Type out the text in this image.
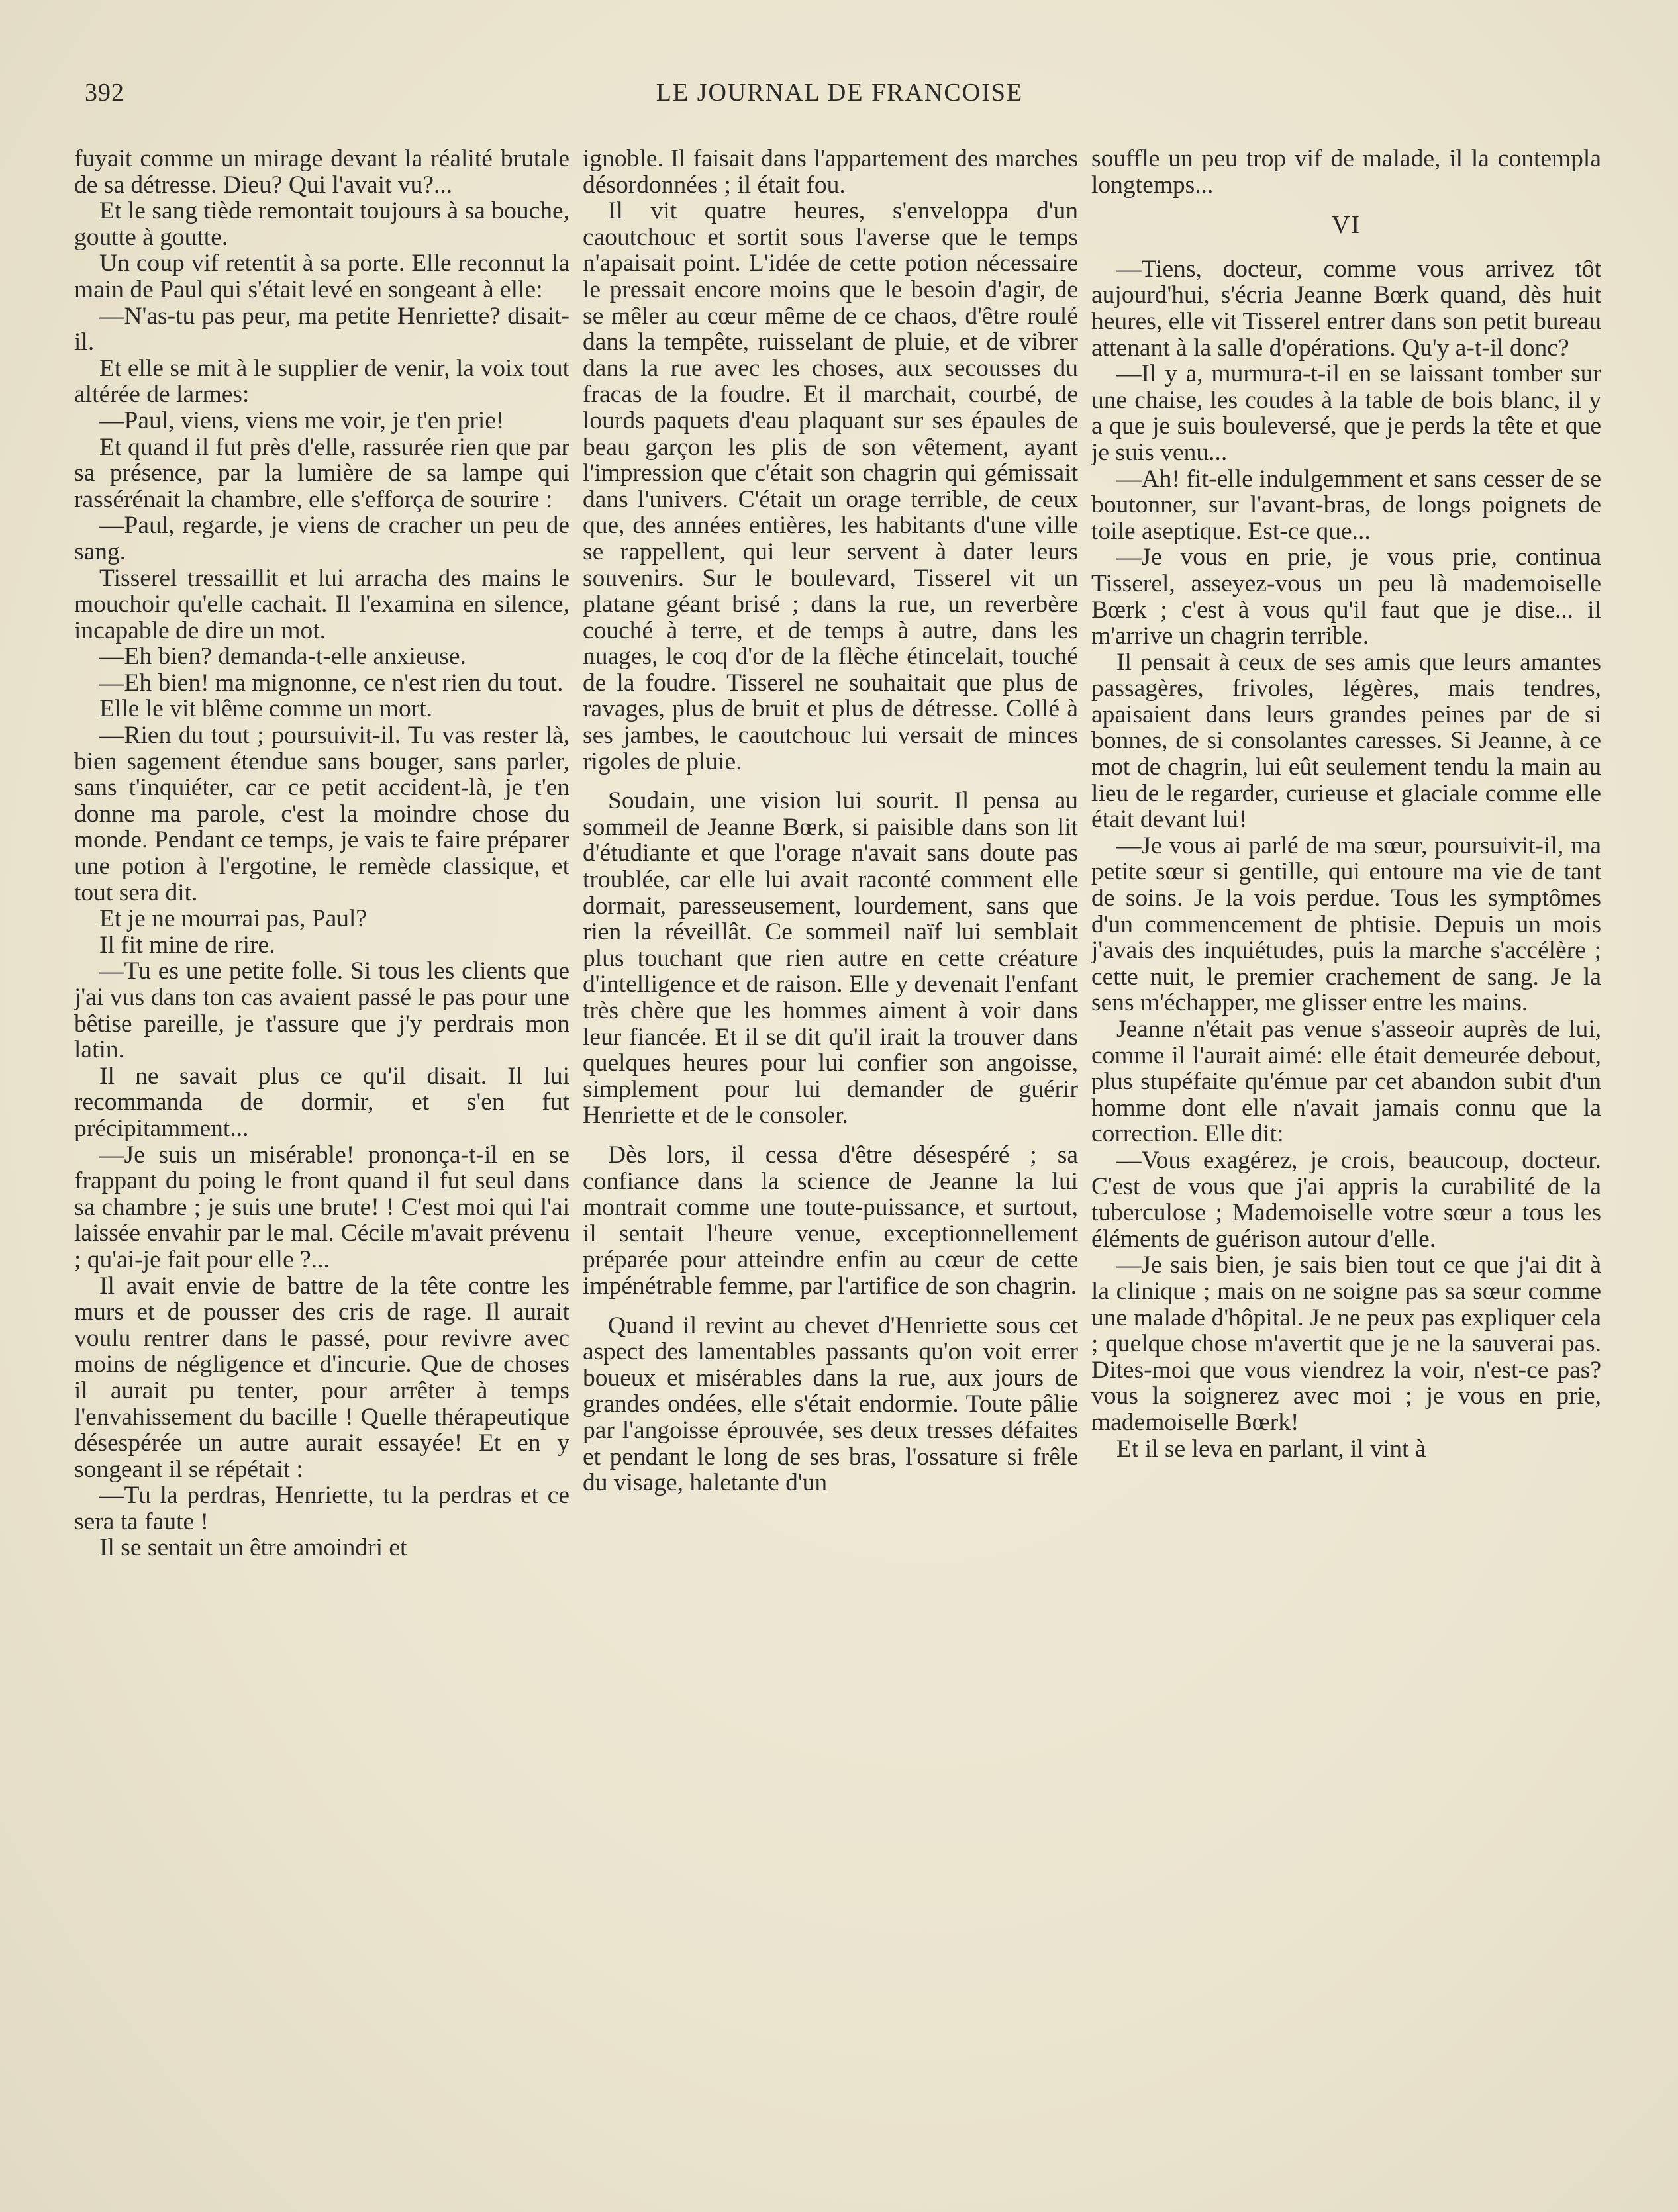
392	LE JOURNAL DE FRANCOISE

fuyait comme un mirage devant la réalité brutale de sa détresse. Dieu? Qui l'avait vu?...

Et le sang tiède remontait toujours à sa bouche, goutte à goutte.

Un coup vif retentit à sa porte. Elle reconnut la main de Paul qui s'était levé en songeant à elle:

—N'as-tu pas peur, ma petite Henriette? disait-il.

Et elle se mit à le supplier de venir, la voix tout altérée de larmes:

—Paul, viens, viens me voir, je t'en prie!

Et quand il fut près d'elle, rassurée rien que par sa présence, par la lumière de sa lampe qui rassérénait la chambre, elle s'efforça de sourire :

—Paul, regarde, je viens de cracher un peu de sang.

Tisserel tressaillit et lui arracha des mains le mouchoir qu'elle cachait. Il l'examina en silence, incapable de dire un mot.

—Eh bien? demanda-t-elle anxieuse.

—Eh bien! ma mignonne, ce n'est rien du tout.

Elle le vit blême comme un mort.

—Rien du tout ; poursuivit-il. Tu vas rester là, bien sagement étendue sans bouger, sans parler, sans t'inquiéter, car ce petit accident-là, je t'en donne ma parole, c'est la moindre chose du monde. Pendant ce temps, je vais te faire préparer une potion à l'ergotine, le remède classique, et tout sera dit.

Et je ne mourrai pas, Paul?

Il fit mine de rire.

—Tu es une petite folle. Si tous les clients que j'ai vus dans ton cas avaient passé le pas pour une bêtise pareille, je t'assure que j'y perdrais mon latin.

Il ne savait plus ce qu'il disait. Il lui recommanda de dormir, et s'en fut précipitamment...

—Je suis un misérable! prononça-t-il en se frappant du poing le front quand il fut seul dans sa chambre ; je suis une brute! ! C'est moi qui l'ai laissée envahir par le mal. Cécile m'avait prévenu ; qu'ai-je fait pour elle ?...

Il avait envie de battre de la tête contre les murs et de pousser des cris de rage. Il aurait voulu rentrer dans le passé, pour revivre avec moins de négligence et d'incurie. Que de choses il aurait pu tenter, pour arrêter à temps l'envahissement du bacille ! Quelle thérapeutique désespérée un autre aurait essayée! Et en y songeant il se répétait :

—Tu la perdras, Henriette, tu la perdras et ce sera ta faute !

Il se sentait un être amoindri et

ignoble. Il faisait dans l'appartement des marches désordonnées ; il était fou.

Il vit quatre heures, s'enveloppa d'un caoutchouc et sortit sous l'averse que le temps n'apaisait point. L'idée de cette potion nécessaire le pressait encore moins que le besoin d'agir, de se mêler au cœur même de ce chaos, d'être roulé dans la tempête, ruisselant de pluie, et de vibrer dans la rue avec les choses, aux secousses du fracas de la foudre. Et il marchait, courbé, de lourds paquets d'eau plaquant sur ses épaules de beau garçon les plis de son vêtement, ayant l'impression que c'était son chagrin qui gémissait dans l'univers. C'était un orage terrible, de ceux que, des années entières, les habitants d'une ville se rappellent, qui leur servent à dater leurs souvenirs. Sur le boulevard, Tisserel vit un platane géant brisé ; dans la rue, un reverbère couché à terre, et de temps à autre, dans les nuages, le coq d'or de la flèche étincelait, touché de la foudre. Tisserel ne souhaitait que plus de ravages, plus de bruit et plus de détresse. Collé à ses jambes, le caoutchouc lui versait de minces rigoles de pluie.

Soudain, une vision lui sourit. Il pensa au sommeil de Jeanne Bœrk, si paisible dans son lit d'étudiante et que l'orage n'avait sans doute pas troublée, car elle lui avait raconté comment elle dormait, paresseusement, lourdement, sans que rien la réveillât. Ce sommeil naïf lui semblait plus touchant que rien autre en cette créature d'intelligence et de raison. Elle y devenait l'enfant très chère que les hommes aiment à voir dans leur fiancée. Et il se dit qu'il irait la trouver dans quelques heures pour lui confier son angoisse, simplement pour lui demander de guérir Henriette et de le consoler.

Dès lors, il cessa d'être désespéré ; sa confiance dans la science de Jeanne la lui montrait comme une toute-puissance, et surtout, il sentait l'heure venue, exceptionnellement préparée pour atteindre enfin au cœur de cette impénétrable femme, par l'artifice de son chagrin.

Quand il revint au chevet d'Henriette sous cet aspect des lamentables passants qu'on voit errer boueux et misérables dans la rue, aux jours de grandes ondées, elle s'était endormie. Toute pâlie par l'angoisse éprouvée, ses deux tresses défaites et pendant le long de ses bras, l'ossature si frêle du visage, haletante d'un

souffle un peu trop vif de malade, il la contempla longtemps...

VI

—Tiens, docteur, comme vous arrivez tôt aujourd'hui, s'écria Jeanne Bœrk quand, dès huit heures, elle vit Tisserel entrer dans son petit bureau attenant à la salle d'opérations. Qu'y a-t-il donc?

—Il y a, murmura-t-il en se laissant tomber sur une chaise, les coudes à la table de bois blanc, il y a que je suis bouleversé, que je perds la tête et que je suis venu...

—Ah! fit-elle indulgemment et sans cesser de se boutonner, sur l'avant-bras, de longs poignets de toile aseptique. Est-ce que...

—Je vous en prie, je vous prie, continua Tisserel, asseyez-vous un peu là mademoiselle Bœrk ; c'est à vous qu'il faut que je dise... il m'arrive un chagrin terrible.

Il pensait à ceux de ses amis que leurs amantes passagères, frivoles, légères, mais tendres, apaisaient dans leurs grandes peines par de si bonnes, de si consolantes caresses. Si Jeanne, à ce mot de chagrin, lui eût seulement tendu la main au lieu de le regarder, curieuse et glaciale comme elle était devant lui!

—Je vous ai parlé de ma sœur, poursuivit-il, ma petite sœur si gentille, qui entoure ma vie de tant de soins. Je la vois perdue. Tous les symptômes d'un commencement de phtisie. Depuis un mois j'avais des inquiétudes, puis la marche s'accélère ; cette nuit, le premier crachement de sang. Je la sens m'échapper, me glisser entre les mains.

Jeanne n'était pas venue s'asseoir auprès de lui, comme il l'aurait aimé: elle était demeurée debout, plus stupéfaite qu'émue par cet abandon subit d'un homme dont elle n'avait jamais connu que la correction. Elle dit:

—Vous exagérez, je crois, beaucoup, docteur. C'est de vous que j'ai appris la curabilité de la tuberculose ; Mademoiselle votre sœur a tous les éléments de guérison autour d'elle.

—Je sais bien, je sais bien tout ce que j'ai dit à la clinique ; mais on ne soigne pas sa sœur comme une malade d'hôpital. Je ne peux pas expliquer cela ; quelque chose m'avertit que je ne la sauverai pas. Dites-moi que vous viendrez la voir, n'est-ce pas? vous la soignerez avec moi ; je vous en prie, mademoiselle Bœrk!

Et il se leva en parlant, il vint à
